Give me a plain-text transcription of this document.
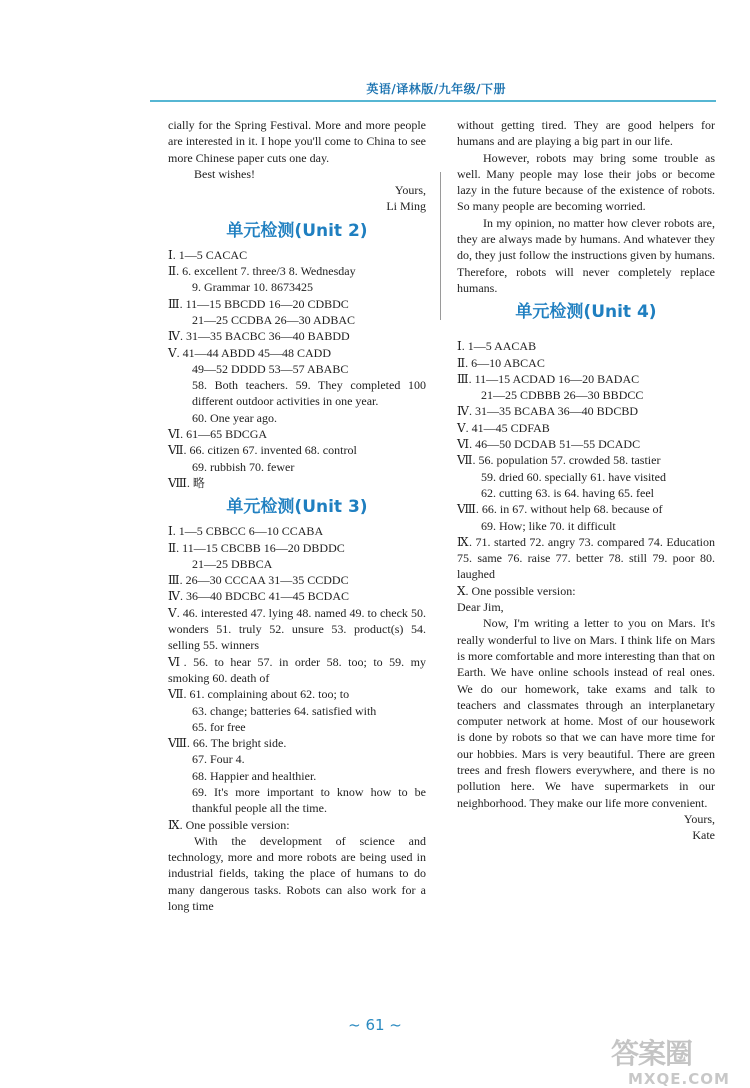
英语/译林版/九年级/下册

cially for the Spring Festival. More and more people are interested in it. I hope you'll come to China to see more Chinese paper cuts one day.

Best wishes!
Yours,
Li Ming
单元检测(Unit 2)
Ⅰ. 1—5 CACAC
Ⅱ. 6. excellent 7. three/3 8. Wednesday
9. Grammar 10. 8673425
Ⅲ. 11—15 BBCDD 16—20 CDBDC
21—25 CCDBA 26—30 ADBAC
Ⅳ. 31—35 BACBC 36—40 BABDD
Ⅴ. 41—44 ABDD 45—48 CADD
49—52 DDDD 53—57 ABABC

58. Both teachers. 59. They completed 100 different outdoor activities in one year.

60. One year ago.
Ⅵ. 61—65 BDCGA
Ⅶ. 66. citizen 67. invented 68. control
69. rubbish 70. fewer
Ⅷ. 略
单元检测(Unit 3)
Ⅰ. 1—5 CBBCC 6—10 CCABA
Ⅱ. 11—15 CBCBB 16—20 DBDDC
21—25 DBBCA
Ⅲ. 26—30 CCCAA 31—35 CCDDC
Ⅳ. 36—40 BDCBC 41—45 BCDAC

Ⅴ. 46. interested 47. lying 48. named 49. to check 50. wonders 51. truly 52. unsure 53. product(s) 54. selling 55. winners

Ⅵ. 56. to hear 57. in order 58. too; to 59. my smoking 60. death of

Ⅶ. 61. complaining about 62. too; to
63. change; batteries 64. satisfied with
65. for free
Ⅷ. 66. The bright side.
67. Four 4.
68. Happier and healthier.

69. It's more important to know how to be thankful people all the time.

Ⅸ. One possible version:

With the development of science and technology, more and more robots are being used in industrial fields, taking the place of humans to do many dangerous tasks. Robots can also work for a long time

without getting tired. They are good helpers for humans and are playing a big part in our life.

However, robots may bring some trouble as well. Many people may lose their jobs or become lazy in the future because of the existence of robots. So many people are becoming worried.

In my opinion, no matter how clever robots are, they are always made by humans. And whatever they do, they just follow the instructions given by humans. Therefore, robots will never completely replace humans.

单元检测(Unit 4)
Ⅰ. 1—5 AACAB
Ⅱ. 6—10 ABCAC
Ⅲ. 11—15 ACDAD 16—20 BADAC
21—25 CDBBB 26—30 BBDCC
Ⅳ. 31—35 BCABA 36—40 BDCBD
Ⅴ. 41—45 CDFAB
Ⅵ. 46—50 DCDAB 51—55 DCADC
Ⅶ. 56. population 57. crowded 58. tastier
59. dried 60. specially 61. have visited
62. cutting 63. is 64. having 65. feel
Ⅷ. 66. in 67. without help 68. because of
69. How; like 70. it difficult

Ⅸ. 71. started 72. angry 73. compared 74. Education 75. same 76. raise 77. better 78. still 79. poor 80. laughed

Ⅹ. One possible version:
Dear Jim,

Now, I'm writing a letter to you on Mars. It's really wonderful to live on Mars. I think life on Mars is more comfortable and more interesting than that on Earth. We have online schools instead of real ones. We do our homework, take exams and talk to teachers and classmates through an interplanetary computer network at home. Most of our housework is done by robots so that we can have more time for our hobbies. Mars is very beautiful. There are green trees and fresh flowers everywhere, and there is no pollution here. We have supermarkets in our neighborhood. They make our life more convenient.

Yours,
Kate
~ 61 ~
答案圈
MXQE.COM
